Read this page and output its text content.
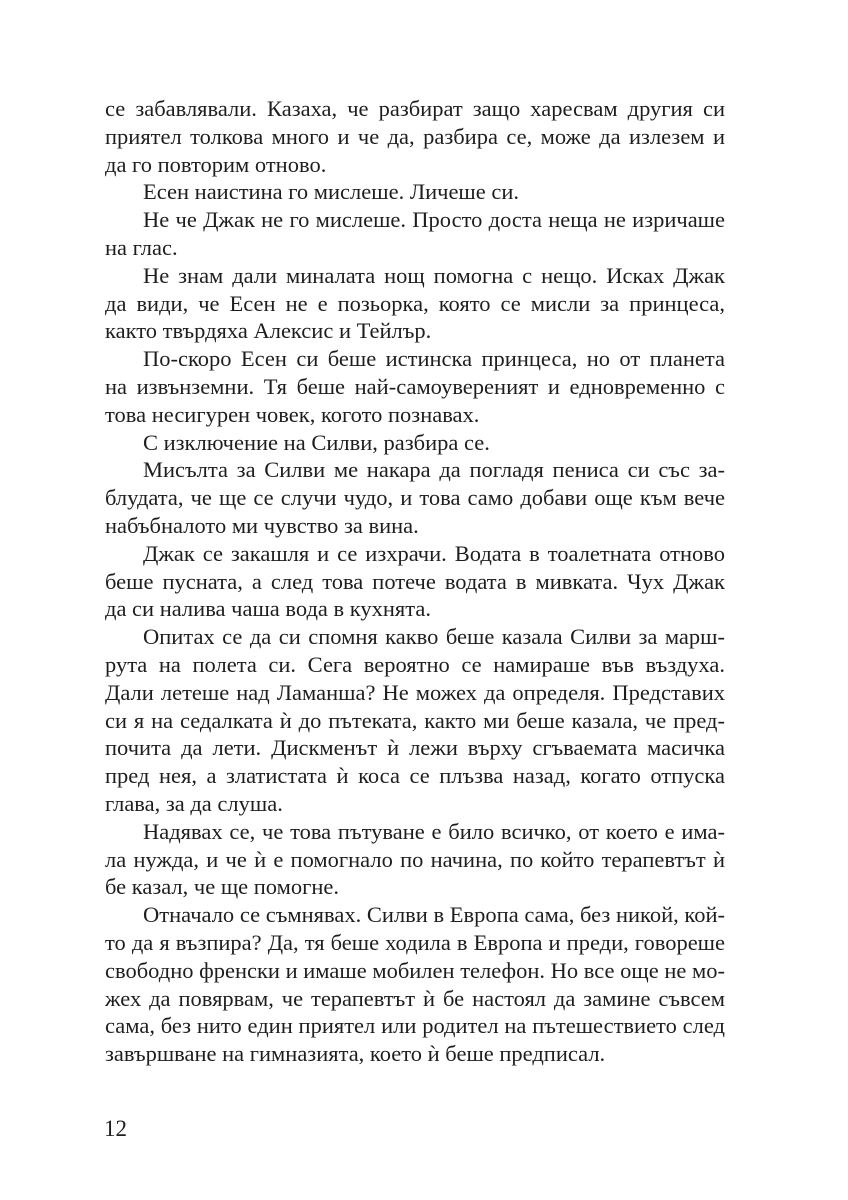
се забавлявали. Казаха, че разбират защо харесвам другия си
приятел толкова много и че да, разбира се, може да излезем и
да го повторим отново.
Есен наистина го мислеше. Личеше си.
Не че Джак не го мислеше. Просто доста неща не изричаше
на глас.
Не знам дали миналата нощ помогна с нещо. Исках Джак
да види, че Есен не е позьорка, която се мисли за принцеса,
както твърдяха Алексис и Тейлър.
По-скоро Есен си беше истинска принцеса, но от планета
на извънземни. Тя беше най-самоувереният и едновременно с
това несигурен човек, когото познавах.
С изключение на Силви, разбира се.
Мисълта за Силви ме накара да погладя пениса си със за-
блудата, че ще се случи чудо, и това само добави още към вече
набъбналото ми чувство за вина.
Джак се закашля и се изхрачи. Водата в тоалетната отново
беше пусната, а след това потече водата в мивката. Чух Джак
да си налива чаша вода в кухнята.
Опитах се да си спомня какво беше казала Силви за марш-
рута на полета си. Сега вероятно се намираше във въздуха.
Дали летеше над Ламанша? Не можех да определя. Представих
си я на седалката ѝ до пътеката, както ми беше казала, че пред-
почита да лети. Дискменът ѝ лежи върху сгъваемата масичка
пред нея, а златистата ѝ коса се плъзва назад, когато отпуска
глава, за да слуша.
Надявах се, че това пътуване е било всичко, от което е има-
ла нужда, и че ѝ е помогнало по начина, по който терапевтът ѝ
бе казал, че ще помогне.
Отначало се съмнявах. Силви в Европа сама, без никой, кой-
то да я възпира? Да, тя беше ходила в Европа и преди, говореше
свободно френски и имаше мобилен телефон. Но все още не мо-
жех да повярвам, че терапевтът ѝ бе настоял да замине съвсем
сама, без нито един приятел или родител на пътешествието след
завършване на гимназията, което ѝ беше предписал.
12
